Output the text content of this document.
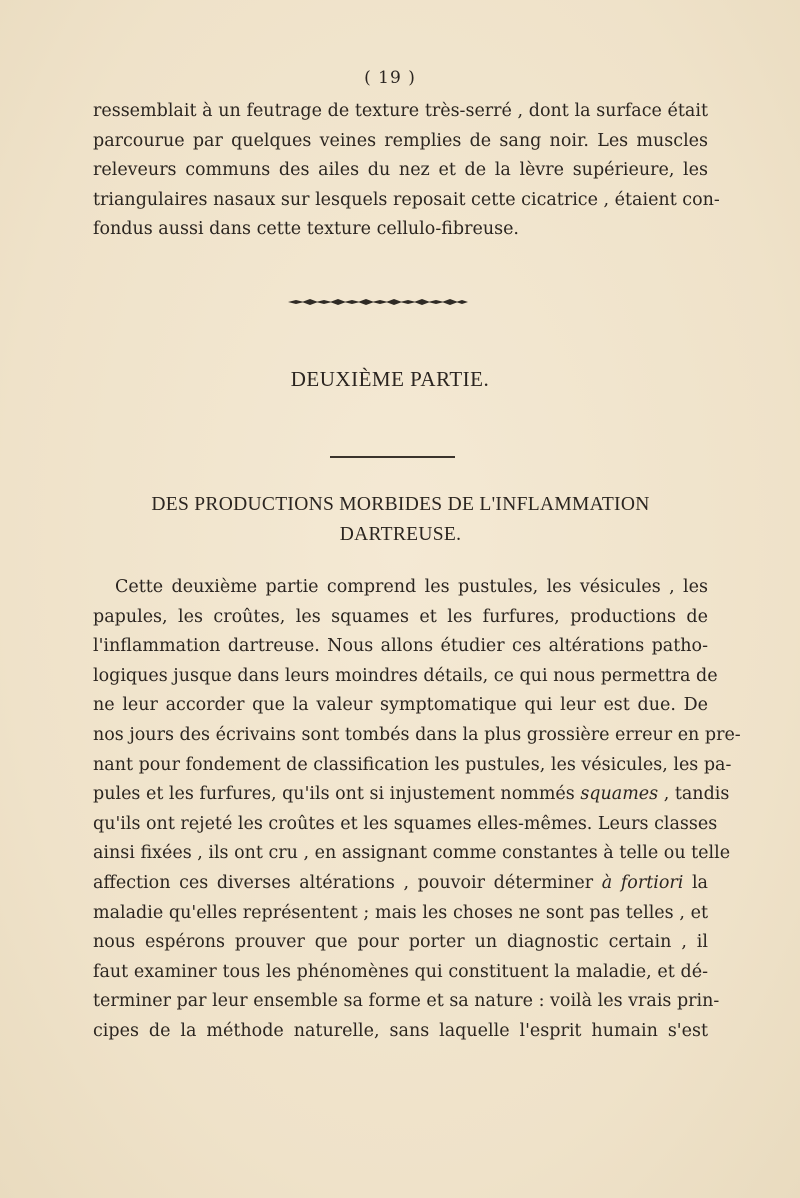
( 19 )
ressemblait à un feutrage de texture très-serré , dont la surface était
parcourue par quelques veines remplies de sang noir. Les muscles
releveurs communs des ailes du nez et de la lèvre supérieure, les
triangulaires nasaux sur lesquels reposait cette cicatrice , étaient con-
fondus aussi dans cette texture cellulo-fibreuse.
DEUXIÈME PARTIE.
DES PRODUCTIONS MORBIDES DE L'INFLAMMATION
DARTREUSE.
Cette deuxième partie comprend les pustules, les vésicules , les
papules, les croûtes, les squames et les furfures, productions de
l'inflammation dartreuse. Nous allons étudier ces altérations patho-
logiques jusque dans leurs moindres détails, ce qui nous permettra de
ne leur accorder que la valeur symptomatique qui leur est due. De
nos jours des écrivains sont tombés dans la plus grossière erreur en pre-
nant pour fondement de classification les pustules, les vésicules, les pa-
pules et les furfures, qu'ils ont si injustement nommés squames , tandis
qu'ils ont rejeté les croûtes et les squames elles-mêmes. Leurs classes
ainsi fixées , ils ont cru , en assignant comme constantes à telle ou telle
affection ces diverses altérations , pouvoir déterminer à fortiori la
maladie qu'elles représentent ; mais les choses ne sont pas telles , et
nous espérons prouver que pour porter un diagnostic certain , il
faut examiner tous les phénomènes qui constituent la maladie, et dé-
terminer par leur ensemble sa forme et sa nature : voilà les vrais prin-
cipes de la méthode naturelle, sans laquelle l'esprit humain s'est
